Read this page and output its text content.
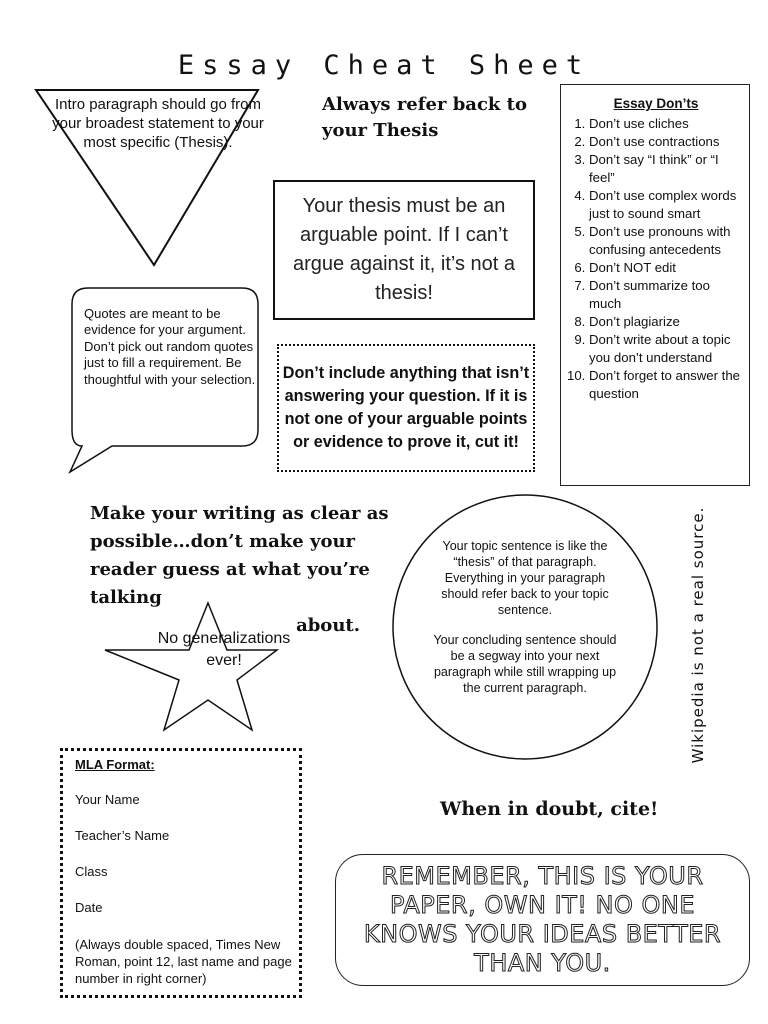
Essay Cheat Sheet
Intro paragraph should go from your broadest statement to your most specific (Thesis).
Always refer back to your Thesis
Your thesis must be an arguable point. If I can’t argue against it, it’s not a thesis!
Essay Don’ts
1. Don’t use cliches
2. Don’t use contractions
3. Don’t say “I think” or “I feel”
4. Don’t use complex words just to sound smart
5. Don’t use pronouns with confusing antecedents
6. Don’t NOT edit
7. Don’t summarize too much
8. Don’t plagiarize
9. Don’t write about a topic you don’t understand
10. Don’t forget to answer the question
Quotes are meant to be evidence for your argument. Don’t pick out random quotes just to fill a requirement. Be thoughtful with your selection. Don’t include anything that isn’t answering your question. If it is not one of your arguable points or evidence to prove it, cut it!
Make your writing as clear as possible…don’t make your reader guess at what you’re talking
about.
No generalizations ever!

Your topic sentence is like the “thesis” of that paragraph. Everything in your paragraph should refer back to your topic sentence.

Your concluding sentence should be a segway into your next paragraph while still wrapping up the current paragraph.	Wikipedia is not a real source.
MLA Format:
Your Name
Teacher’s Name
Class
Date
(Always double spaced, Times New Roman, point 12, last name and page number in right corner)
When in doubt, cite!
REMEMBER, THIS IS YOUR PAPER, OWN IT! NO ONE KNOWS YOUR IDEAS BETTER THAN YOU.
